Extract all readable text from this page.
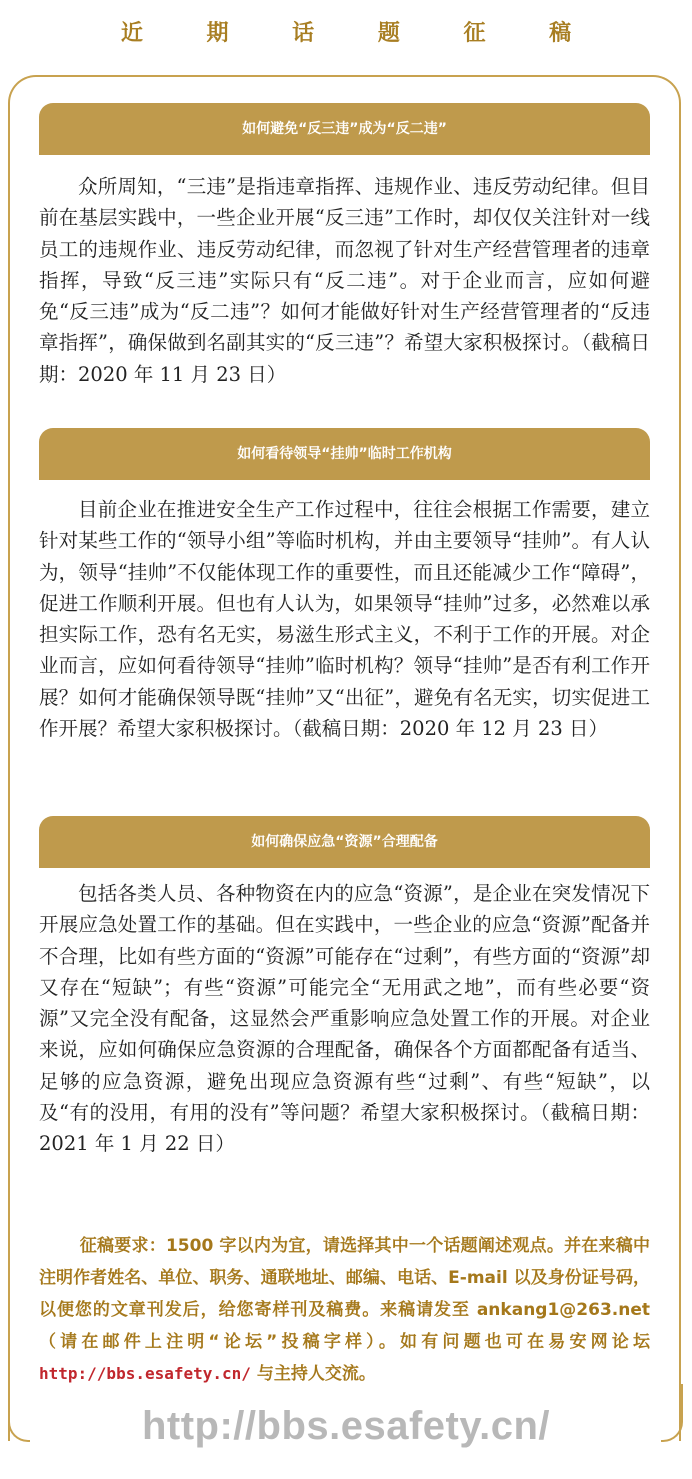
近 期 话 题 征 稿
如何避免“反三违”成为“反二违”

众所周知，“三违”是指违章指挥、违规作业、违反劳动纪律。但目前在基层实践中，一些企业开展“反三违”工作时，却仅仅关注针对一线员工的违规作业、违反劳动纪律，而忽视了针对生产经营管理者的违章指挥，导致“反三违”实际只有“反二违”。对于企业而言，应如何避免“反三违”成为“反二违”？如何才能做好针对生产经营管理者的“反违章指挥”，确保做到名副其实的“反三违”？希望大家积极探讨。（截稿日期：2020 年 11 月 23 日）

如何看待领导“挂帅”临时工作机构

目前企业在推进安全生产工作过程中，往往会根据工作需要，建立针对某些工作的“领导小组”等临时机构，并由主要领导“挂帅”。有人认为，领导“挂帅”不仅能体现工作的重要性，而且还能减少工作“障碍”，促进工作顺利开展。但也有人认为，如果领导“挂帅”过多，必然难以承担实际工作，恐有名无实，易滋生形式主义，不利于工作的开展。对企业而言，应如何看待领导“挂帅”临时机构？领导“挂帅”是否有利工作开展？如何才能确保领导既“挂帅”又“出征”，避免有名无实，切实促进工作开展？希望大家积极探讨。（截稿日期：2020 年 12 月 23 日）

如何确保应急“资源”合理配备

包括各类人员、各种物资在内的应急“资源”，是企业在突发情况下开展应急处置工作的基础。但在实践中，一些企业的应急“资源”配备并不合理，比如有些方面的“资源”可能存在“过剩”，有些方面的“资源”却又存在“短缺”；有些“资源”可能完全“无用武之地”，而有些必要“资源”又完全没有配备，这显然会严重影响应急处置工作的开展。对企业来说，应如何确保应急资源的合理配备，确保各个方面都配备有适当、足够的应急资源，避免出现应急资源有些“过剩”、有些“短缺”，以及“有的没用，有用的没有”等问题？希望大家积极探讨。（截稿日期：2021 年 1 月 22 日）

征稿要求：1500 字以内为宜，请选择其中一个话题阐述观点。并在来稿中注明作者姓名、单位、职务、通联地址、邮编、电话、E-mail 以及身份证号码，以便您的文章刊发后，给您寄样刊及稿费。来稿请发至 ankang1@263.net（请在邮件上注明“论坛”投稿字样）。如有问题也可在易安网论坛 http://bbs.esafety.cn/ 与主持人交流。

http://bbs.esafety.cn/
